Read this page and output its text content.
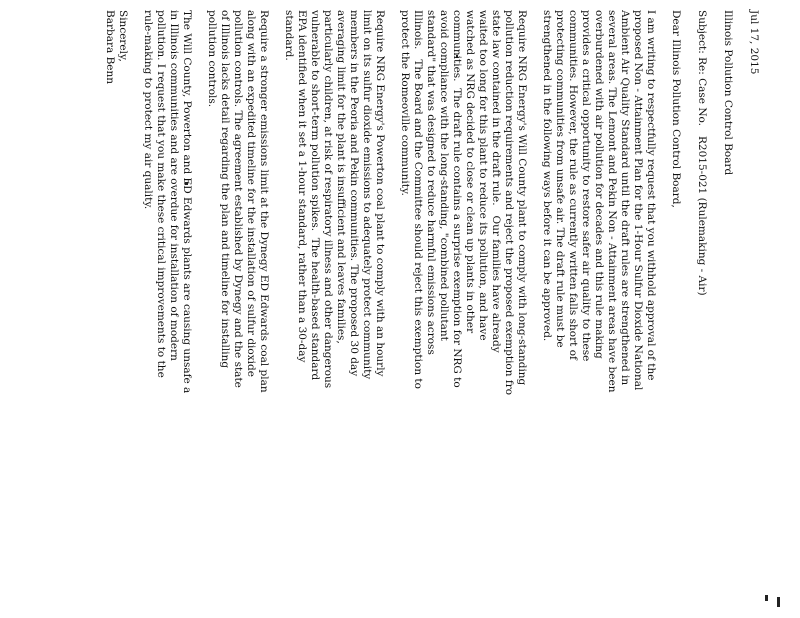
Jul 17, 2015
Illinois Pollution Control Board
Subject: Re: Case No.   R2015-021 (Rulemaking - Air)
Dear Illinois Pollution Control Board,
I am writing to respectfully request that you withhold approval of the
proposed Non - Attainment Plan for the 1-Hour Sulfur Dioxide National
Ambient Air Quality Standard until the draft rules are strengthened in
several areas. The Lemont and Pekin Non - Attainment areas have been
overburdened with air pollution for decades and this rule making
provides a critical opportunity to restore safer air quality to these
communities. However, the rule as currently written falls short of
protecting communities from unsafe air. The draft rule must be
strengthened in the following ways before it can be approved.
Require NRG Energy's Will County plant to comply with long-standing
pollution reduction requirements and reject the proposed exemption fro
state law contained in the draft rule.   Our families have already
waited too long for this plant to reduce its pollution, and have
watched as NRG decided to close or clean up plants in other
communities.  The draft rule contains a surprise exemption for NRG to
avoid compliance with the long-standing, "combined pollutant
standard" that was designed to reduce harmful emissions across
Illinois.   The Board and the Committee should reject this exemption to
protect the Romeoville community.
Require NRG Energy's Powerton coal plant to comply with an hourly
limit on its sulfur dioxide emissions to adequately protect community
members in the Peoria and Pekin communities. The proposed 30 day
averaging limit for the plant is insufficient and leaves families,
particularly children, at risk of respiratory illness and other dangerous
vulnerable to short-term pollution spikes.  The health-based standard
EPA identified when it set a 1-hour standard, rather than a 30-day
standard.
Require a stronger emissions limit at the Dynegy ED Edwards coal plan
along with an expedited timeline for the installation of sulfur dioxide
pollution controls. The agreement established by Dynegy and the state
of Illinois lacks detail regarding the plan and timeline for installing
pollution controls.
The Will County, Powerton and ED Edwards plants are causing unsafe a
in Illinois communities and are overdue for installation of modern
pollution. I request that you make these critical improvements to the
rule-making to protect my air quality.
Sincerely,
Barbara Benn
